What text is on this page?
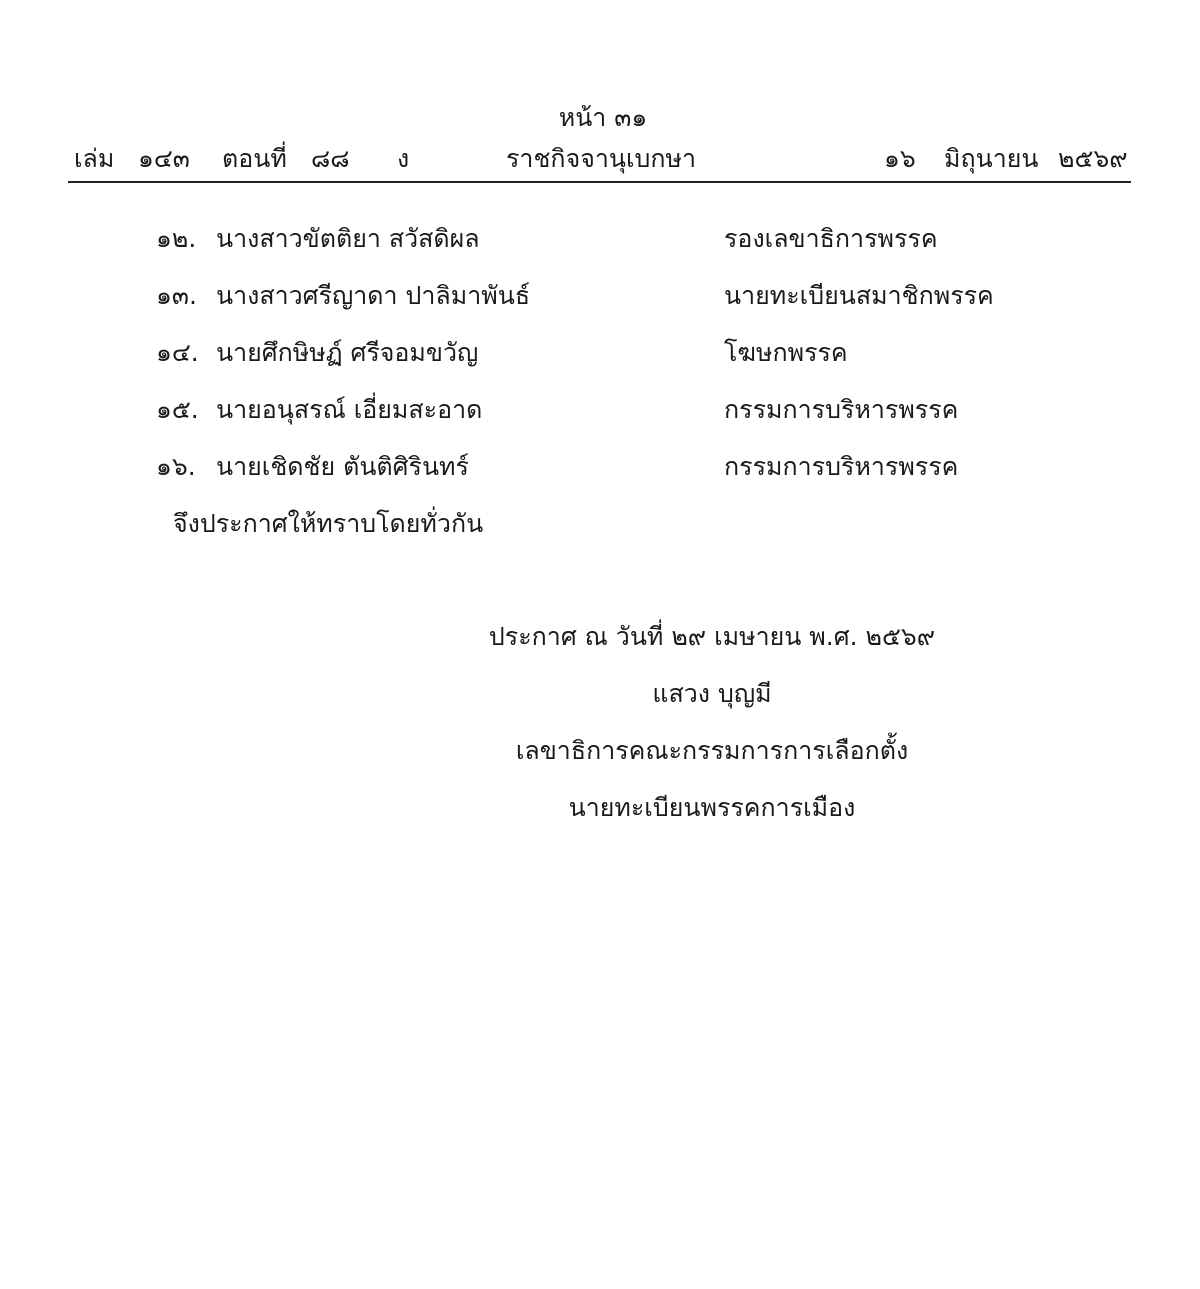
หน้า ๓๑

เล่ม ๑๔๓ ตอนที่ ๘๘ ง	ราชกิจจานุเบกษา	๑๖ มิถุนายน ๒๕๖๙

๑๒. นางสาวขัตติยา สวัสดิผล	รองเลขาธิการพรรค

๑๓. นางสาวศรีญาดา ปาลิมาพันธ์	นายทะเบียนสมาชิกพรรค

๑๔. นายศึกษิษฏ์ ศรีจอมขวัญ	โฆษกพรรค

๑๕. นายอนุสรณ์ เอี่ยมสะอาด	กรรมการบริหารพรรค

๑๖. นายเชิดชัย ตันติศิรินทร์	กรรมการบริหารพรรค

จึงประกาศให้ทราบโดยทั่วกัน

ประกาศ ณ วันที่ ๒๙ เมษายน พ.ศ. ๒๕๖๙

แสวง บุญมี

เลขาธิการคณะกรรมการการเลือกตั้ง

นายทะเบียนพรรคการเมือง
